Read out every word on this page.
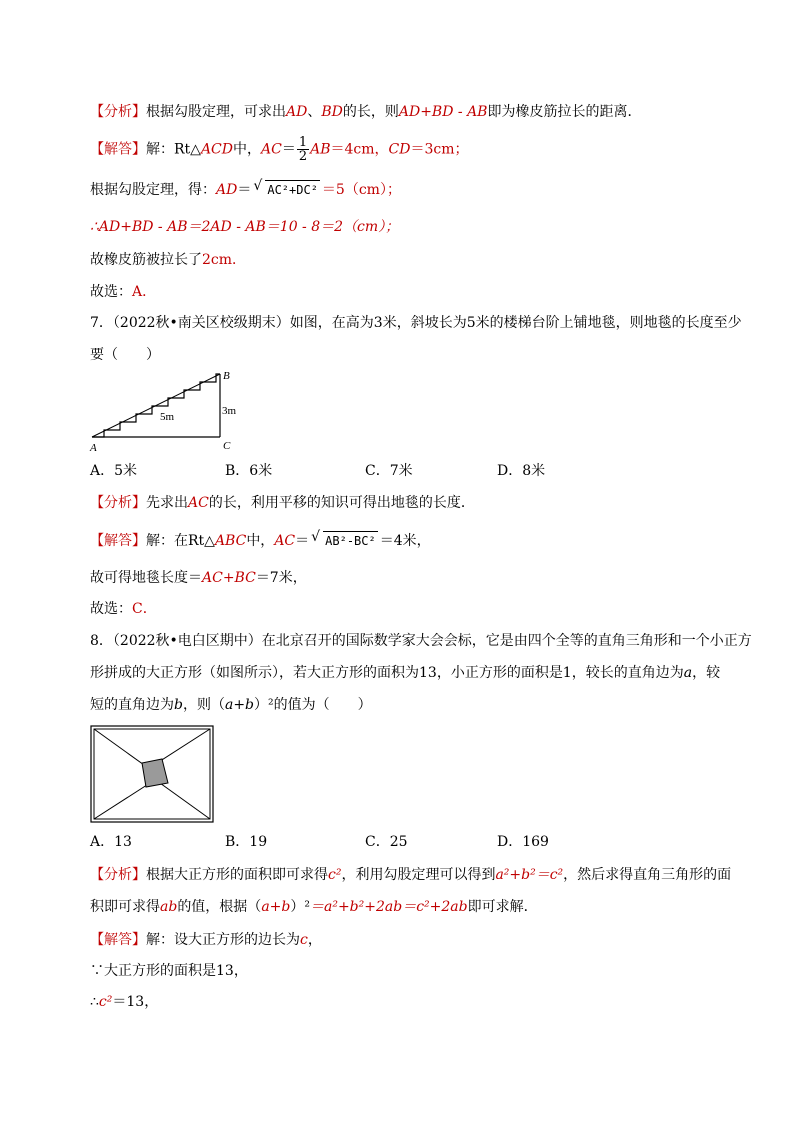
【分析】根据勾股定理，可求出AD、BD的长，则AD+BD - AB即为橡皮筋拉长的距离．
【解答】解：Rt△ACD中，$AC= \frac{1}{2} AB=4cm$，CD＝3cm；
根据勾股定理，得：AD＝ √ AC²+DC² ＝5（cm）；
∴AD+BD - AB＝2AD - AB＝10 - 8＝2（cm）；
故橡皮筋被拉长了2cm．
故选：A．
7．（2022秋•南关区校级期末）如图，在高为3米，斜坡长为5米的楼梯台阶上铺地毯，则地毯的长度至少
要（　　）
A
B
C
5m	3m
A．5米	B．6米	C．7米	D．8米
【分析】先求出AC的长，利用平移的知识可得出地毯的长度．
【解答】解：在Rt△ABC中，AC＝ √ AB²-BC² ＝4米，
故可得地毯长度＝AC+BC＝7米，
故选：C．
8．（2022秋•电白区期中）在北京召开的国际数学家大会会标，它是由四个全等的直角三角形和一个小正方
形拼成的大正方形（如图所示），若大正方形的面积为13，小正方形的面积是1，较长的直角边为a，较
短的直角边为b，则（a+b）²的值为（　　）
A．13	B．19	C．25	D．169
【分析】根据大正方形的面积即可求得c²，利用勾股定理可以得到a²+b²＝c²，然后求得直角三角形的面
积即可求得ab的值，根据（a+b）²＝a²+b²+2ab＝c²+2ab即可求解．
【解答】解：设大正方形的边长为c，
∵大正方形的面积是13，
∴c²＝13，
